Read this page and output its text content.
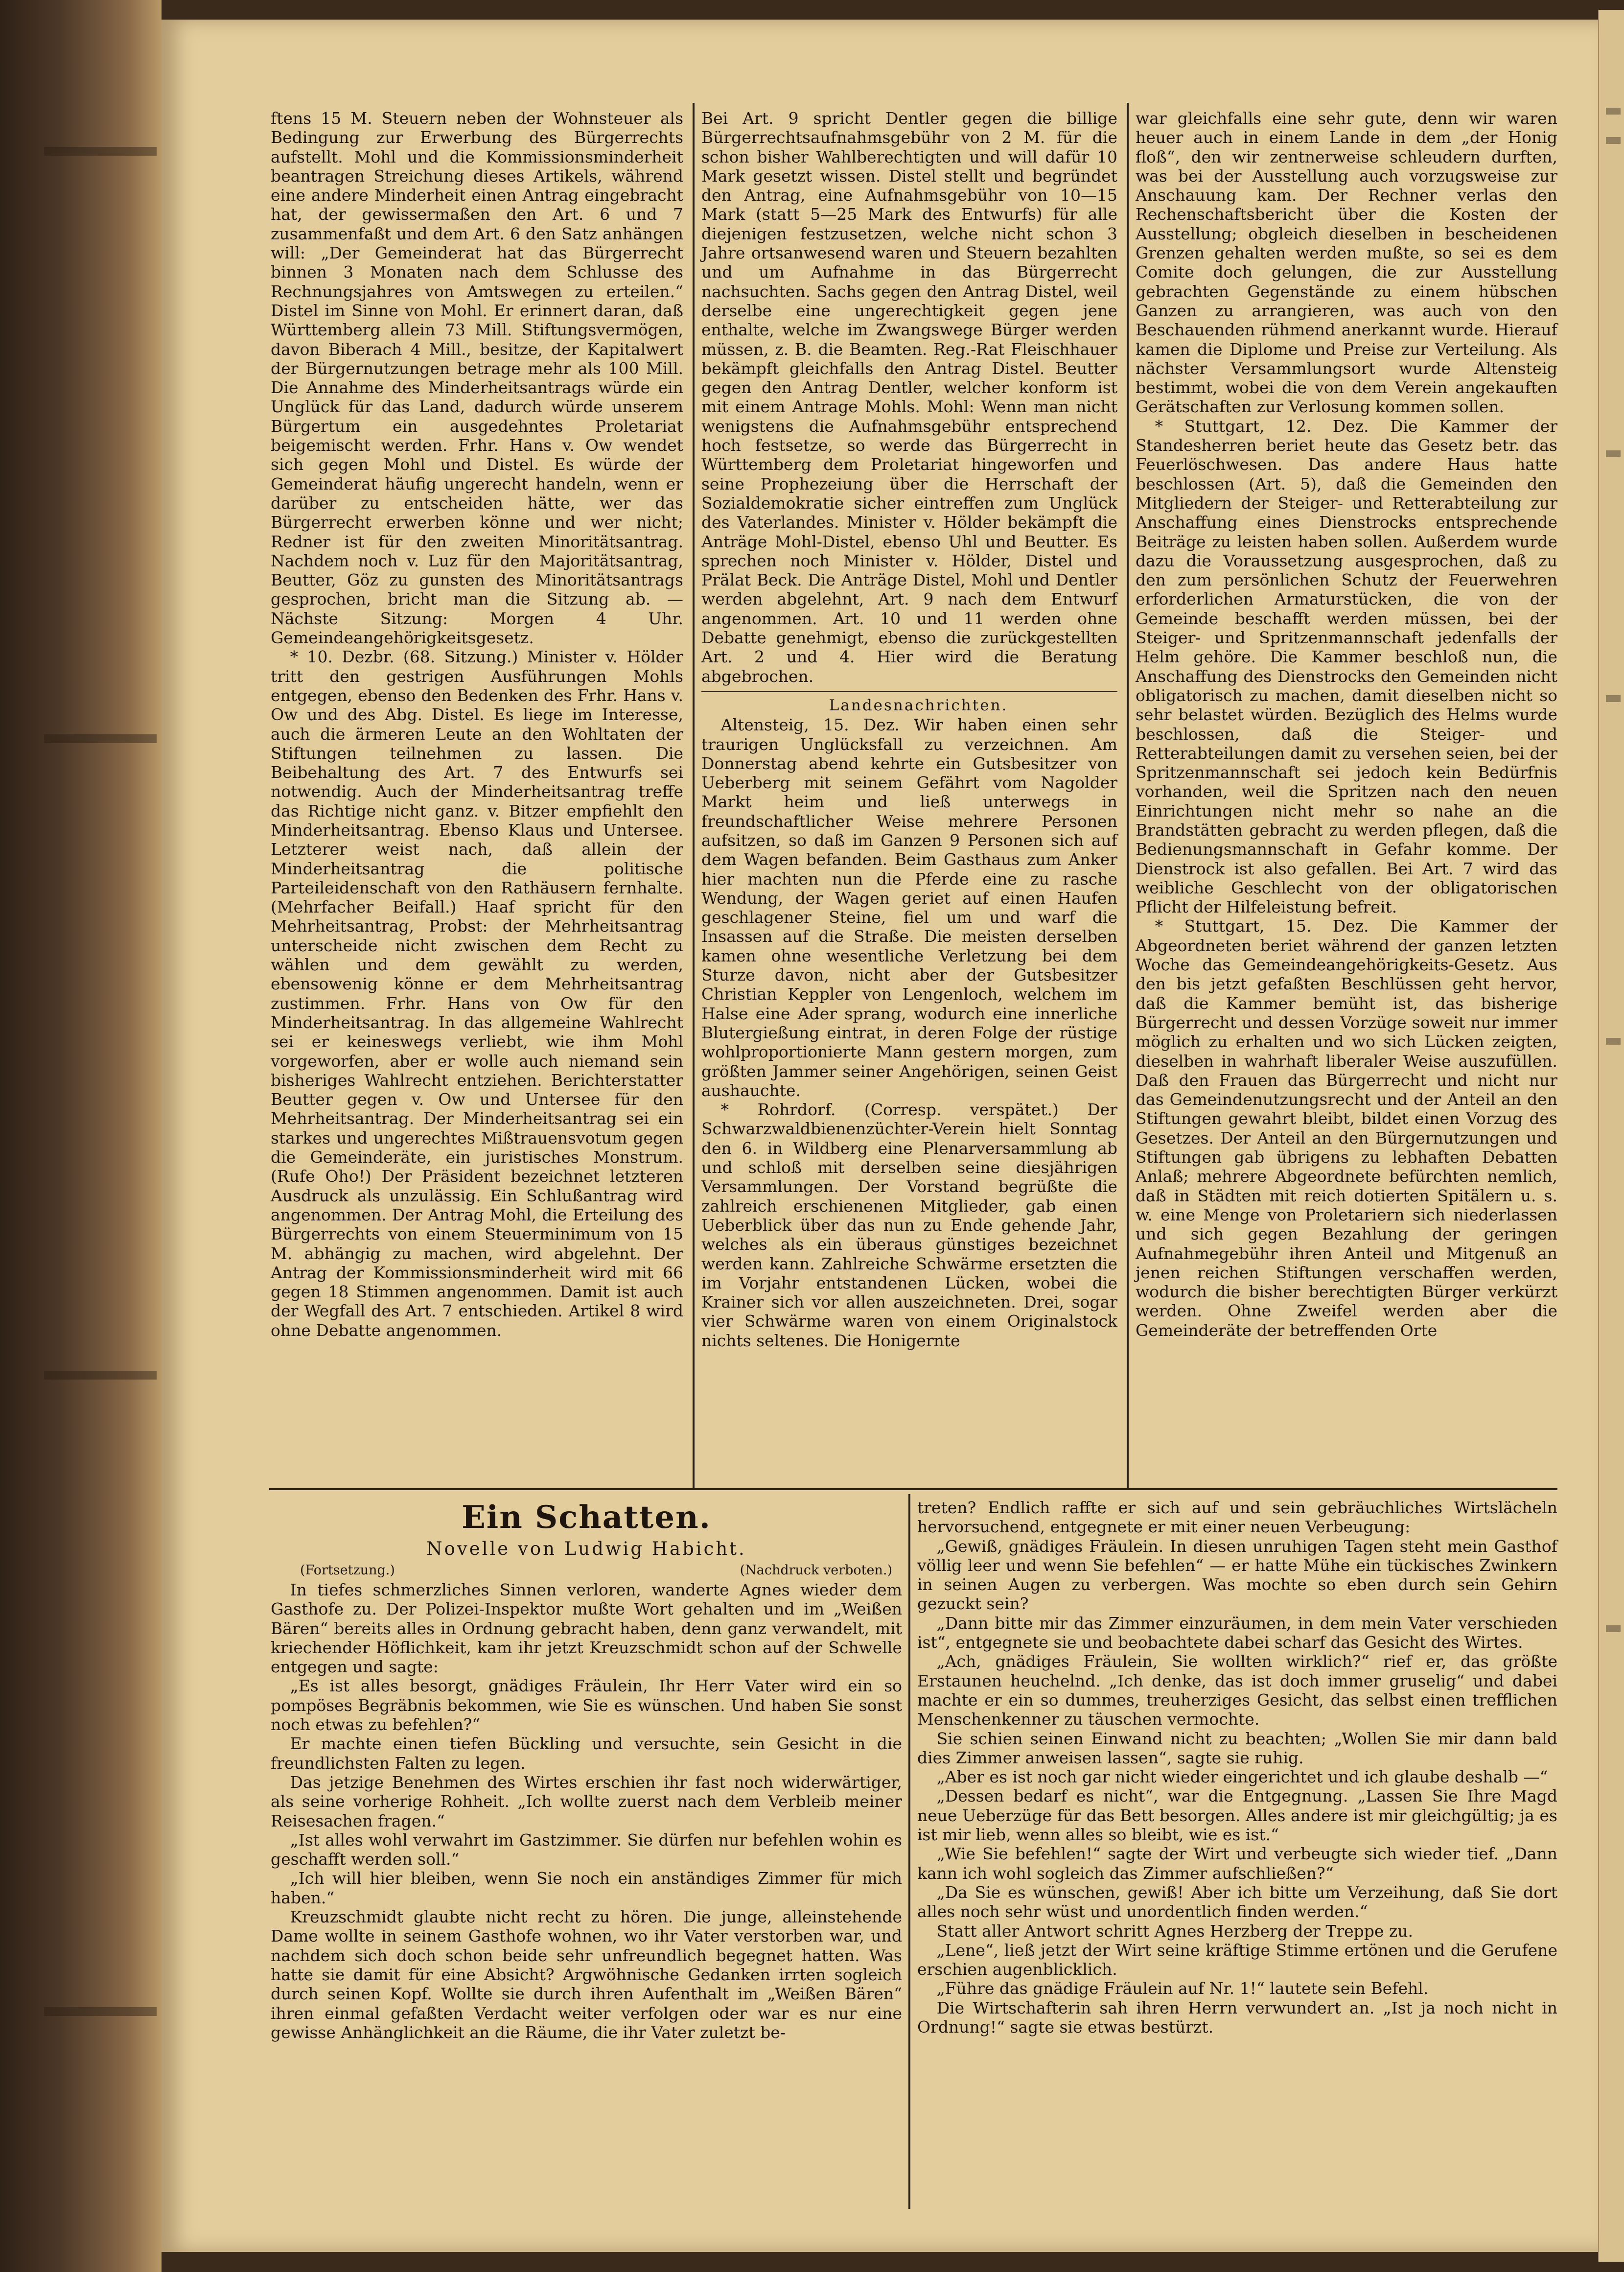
ftens 15 M. Steuern neben der Wohnsteuer als Bedingung zur Erwerbung des Bürgerrechts aufstellt. Mohl und die Kommissionsminderheit beantragen Streichung dieses Artikels, während eine andere Minderheit einen Antrag eingebracht hat, der gewissermaßen den Art. 6 und 7 zusammenfaßt und dem Art. 6 den Satz anhängen will: „Der Gemeinderat hat das Bürgerrecht binnen 3 Monaten nach dem Schlusse des Rechnungsjahres von Amtswegen zu erteilen.“ Distel im Sinne von Mohl. Er erinnert daran, daß Württemberg allein 73 Mill. Stiftungsvermögen, davon Biberach 4 Mill., besitze, der Kapitalwert der Bürgernutzungen betrage mehr als 100 Mill. Die Annahme des Minderheitsantrags würde ein Unglück für das Land, dadurch würde unserem Bürgertum ein ausgedehntes Proletariat beigemischt werden. Frhr. Hans v. Ow wendet sich gegen Mohl und Distel. Es würde der Gemeinderat häufig ungerecht handeln, wenn er darüber zu entscheiden hätte, wer das Bürgerrecht erwerben könne und wer nicht; Redner ist für den zweiten Minoritätsantrag. Nachdem noch v. Luz für den Majoritätsantrag, Beutter, Göz zu gunsten des Minoritätsantrags gesprochen, bricht man die Sitzung ab. — Nächste Sitzung: Morgen 4 Uhr. Gemeindeangehörigkeitsgesetz.

* 10. Dezbr. (68. Sitzung.) Minister v. Hölder tritt den gestrigen Ausführungen Mohls entgegen, ebenso den Bedenken des Frhr. Hans v. Ow und des Abg. Distel. Es liege im Interesse, auch die ärmeren Leute an den Wohltaten der Stiftungen teilnehmen zu lassen. Die Beibehaltung des Art. 7 des Entwurfs sei notwendig. Auch der Minderheitsantrag treffe das Richtige nicht ganz. v. Bitzer empfiehlt den Minderheitsantrag. Ebenso Klaus und Untersee. Letzterer weist nach, daß allein der Minderheitsantrag die politische Parteileidenschaft von den Rathäusern fernhalte. (Mehrfacher Beifall.) Haaf spricht für den Mehrheitsantrag, Probst: der Mehrheitsantrag unterscheide nicht zwischen dem Recht zu wählen und dem gewählt zu werden, ebensowenig könne er dem Mehrheitsantrag zustimmen. Frhr. Hans von Ow für den Minderheitsantrag. In das allgemeine Wahlrecht sei er keineswegs verliebt, wie ihm Mohl vorgeworfen, aber er wolle auch niemand sein bisheriges Wahlrecht entziehen. Berichterstatter Beutter gegen v. Ow und Untersee für den Mehrheitsantrag. Der Minderheitsantrag sei ein starkes und ungerechtes Mißtrauensvotum gegen die Gemeinderäte, ein juristisches Monstrum. (Rufe Oho!) Der Präsident bezeichnet letzteren Ausdruck als unzulässig. Ein Schlußantrag wird angenommen. Der Antrag Mohl, die Erteilung des Bürgerrechts von einem Steuerminimum von 15 M. abhängig zu machen, wird abgelehnt. Der Antrag der Kommissionsminderheit wird mit 66 gegen 18 Stimmen angenommen. Damit ist auch der Wegfall des Art. 7 entschieden. Artikel 8 wird ohne Debatte angenommen.

Bei Art. 9 spricht Dentler gegen die billige Bürgerrechtsaufnahmsgebühr von 2 M. für die schon bisher Wahlberechtigten und will dafür 10 Mark gesetzt wissen. Distel stellt und begründet den Antrag, eine Aufnahmsgebühr von 10—15 Mark (statt 5—25 Mark des Entwurfs) für alle diejenigen festzusetzen, welche nicht schon 3 Jahre ortsanwesend waren und Steuern bezahlten und um Aufnahme in das Bürgerrecht nachsuchten. Sachs gegen den Antrag Distel, weil derselbe eine ungerechtigkeit gegen jene enthalte, welche im Zwangswege Bürger werden müssen, z. B. die Beamten. Reg.-Rat Fleischhauer bekämpft gleichfalls den Antrag Distel. Beutter gegen den Antrag Dentler, welcher konform ist mit einem Antrage Mohls. Mohl: Wenn man nicht wenigstens die Aufnahmsgebühr entsprechend hoch festsetze, so werde das Bürgerrecht in Württemberg dem Proletariat hingeworfen und seine Prophezeiung über die Herrschaft der Sozialdemokratie sicher eintreffen zum Unglück des Vaterlandes. Minister v. Hölder bekämpft die Anträge Mohl-Distel, ebenso Uhl und Beutter. Es sprechen noch Minister v. Hölder, Distel und Prälat Beck. Die Anträge Distel, Mohl und Dentler werden abgelehnt, Art. 9 nach dem Entwurf angenommen. Art. 10 und 11 werden ohne Debatte genehmigt, ebenso die zurückgestellten Art. 2 und 4. Hier wird die Beratung abgebrochen.

Landesnachrichten.

Altensteig, 15. Dez. Wir haben einen sehr traurigen Unglücksfall zu verzeichnen. Am Donnerstag abend kehrte ein Gutsbesitzer von Ueberberg mit seinem Gefährt vom Nagolder Markt heim und ließ unterwegs in freundschaftlicher Weise mehrere Personen aufsitzen, so daß im Ganzen 9 Personen sich auf dem Wagen befanden. Beim Gasthaus zum Anker hier machten nun die Pferde eine zu rasche Wendung, der Wagen geriet auf einen Haufen geschlagener Steine, fiel um und warf die Insassen auf die Straße. Die meisten derselben kamen ohne wesentliche Verletzung bei dem Sturze davon, nicht aber der Gutsbesitzer Christian Keppler von Lengenloch, welchem im Halse eine Ader sprang, wodurch eine innerliche Blutergießung eintrat, in deren Folge der rüstige wohlproportionierte Mann gestern morgen, zum größten Jammer seiner Angehörigen, seinen Geist aushauchte.

* Rohrdorf. (Corresp. verspätet.) Der Schwarzwaldbienenzüchter-Verein hielt Sonntag den 6. in Wildberg eine Plenarversammlung ab und schloß mit derselben seine diesjährigen Versammlungen. Der Vorstand begrüßte die zahlreich erschienenen Mitglieder, gab einen Ueberblick über das nun zu Ende gehende Jahr, welches als ein überaus günstiges bezeichnet werden kann. Zahlreiche Schwärme ersetzten die im Vorjahr entstandenen Lücken, wobei die Krainer sich vor allen auszeichneten. Drei, sogar vier Schwärme waren von einem Originalstock nichts seltenes. Die Honigernte

war gleichfalls eine sehr gute, denn wir waren heuer auch in einem Lande in dem „der Honig floß“, den wir zentnerweise schleudern durften, was bei der Ausstellung auch vorzugsweise zur Anschauung kam. Der Rechner verlas den Rechenschaftsbericht über die Kosten der Ausstellung; obgleich dieselben in bescheidenen Grenzen gehalten werden mußte, so sei es dem Comite doch gelungen, die zur Ausstellung gebrachten Gegenstände zu einem hübschen Ganzen zu arrangieren, was auch von den Beschauenden rühmend anerkannt wurde. Hierauf kamen die Diplome und Preise zur Verteilung. Als nächster Versammlungsort wurde Altensteig bestimmt, wobei die von dem Verein angekauften Gerätschaften zur Verlosung kommen sollen.

* Stuttgart, 12. Dez. Die Kammer der Standesherren beriet heute das Gesetz betr. das Feuerlöschwesen. Das andere Haus hatte beschlossen (Art. 5), daß die Gemeinden den Mitgliedern der Steiger- und Retterabteilung zur Anschaffung eines Dienstrocks entsprechende Beiträge zu leisten haben sollen. Außerdem wurde dazu die Voraussetzung ausgesprochen, daß zu den zum persönlichen Schutz der Feuerwehren erforderlichen Armaturstücken, die von der Gemeinde beschafft werden müssen, bei der Steiger- und Spritzenmannschaft jedenfalls der Helm gehöre. Die Kammer beschloß nun, die Anschaffung des Dienstrocks den Gemeinden nicht obligatorisch zu machen, damit dieselben nicht so sehr belastet würden. Bezüglich des Helms wurde beschlossen, daß die Steiger- und Retterabteilungen damit zu versehen seien, bei der Spritzenmannschaft sei jedoch kein Bedürfnis vorhanden, weil die Spritzen nach den neuen Einrichtungen nicht mehr so nahe an die Brandstätten gebracht zu werden pflegen, daß die Bedienungsmannschaft in Gefahr komme. Der Dienstrock ist also gefallen. Bei Art. 7 wird das weibliche Geschlecht von der obligatorischen Pflicht der Hilfeleistung befreit.

* Stuttgart, 15. Dez. Die Kammer der Abgeordneten beriet während der ganzen letzten Woche das Gemeindeangehörigkeits-Gesetz. Aus den bis jetzt gefaßten Beschlüssen geht hervor, daß die Kammer bemüht ist, das bisherige Bürgerrecht und dessen Vorzüge soweit nur immer möglich zu erhalten und wo sich Lücken zeigten, dieselben in wahrhaft liberaler Weise auszufüllen. Daß den Frauen das Bürgerrecht und nicht nur das Gemeindenutzungsrecht und der Anteil an den Stiftungen gewahrt bleibt, bildet einen Vorzug des Gesetzes. Der Anteil an den Bürgernutzungen und Stiftungen gab übrigens zu lebhaften Debatten Anlaß; mehrere Abgeordnete befürchten nemlich, daß in Städten mit reich dotierten Spitälern u. s. w. eine Menge von Proletariern sich niederlassen und sich gegen Bezahlung der geringen Aufnahmegebühr ihren Anteil und Mitgenuß an jenen reichen Stiftungen verschaffen werden, wodurch die bisher berechtigten Bürger verkürzt werden. Ohne Zweifel werden aber die Gemeinderäte der betreffenden Orte

Ein Schatten.
Novelle von Ludwig Habicht.
(Fortsetzung.)	(Nachdruck verboten.)

In tiefes schmerzliches Sinnen verloren, wanderte Agnes wieder dem Gasthofe zu. Der Polizei-Inspektor mußte Wort gehalten und im „Weißen Bären“ bereits alles in Ordnung gebracht haben, denn ganz verwandelt, mit kriechender Höflichkeit, kam ihr jetzt Kreuzschmidt schon auf der Schwelle entgegen und sagte:

„Es ist alles besorgt, gnädiges Fräulein, Ihr Herr Vater wird ein so pompöses Begräbnis bekommen, wie Sie es wünschen. Und haben Sie sonst noch etwas zu befehlen?“

Er machte einen tiefen Bückling und versuchte, sein Gesicht in die freundlichsten Falten zu legen.

Das jetzige Benehmen des Wirtes erschien ihr fast noch widerwärtiger, als seine vorherige Rohheit. „Ich wollte zuerst nach dem Verbleib meiner Reisesachen fragen.“

„Ist alles wohl verwahrt im Gastzimmer. Sie dürfen nur befehlen wohin es geschafft werden soll.“

„Ich will hier bleiben, wenn Sie noch ein anständiges Zimmer für mich haben.“

Kreuzschmidt glaubte nicht recht zu hören. Die junge, alleinstehende Dame wollte in seinem Gasthofe wohnen, wo ihr Vater verstorben war, und nachdem sich doch schon beide sehr unfreundlich begegnet hatten. Was hatte sie damit für eine Absicht? Argwöhnische Gedanken irrten sogleich durch seinen Kopf. Wollte sie durch ihren Aufenthalt im „Weißen Bären“ ihren einmal gefaßten Verdacht weiter verfolgen oder war es nur eine gewisse Anhänglichkeit an die Räume, die ihr Vater zuletzt be-

treten? Endlich raffte er sich auf und sein gebräuchliches Wirtslächeln hervorsuchend, entgegnete er mit einer neuen Verbeugung:

„Gewiß, gnädiges Fräulein. In diesen unruhigen Tagen steht mein Gasthof völlig leer und wenn Sie befehlen“ — er hatte Mühe ein tückisches Zwinkern in seinen Augen zu verbergen. Was mochte so eben durch sein Gehirn gezuckt sein?

„Dann bitte mir das Zimmer einzuräumen, in dem mein Vater verschieden ist“, entgegnete sie und beobachtete dabei scharf das Gesicht des Wirtes.

„Ach, gnädiges Fräulein, Sie wollten wirklich?“ rief er, das größte Erstaunen heuchelnd. „Ich denke, das ist doch immer gruselig“ und dabei machte er ein so dummes, treuherziges Gesicht, das selbst einen trefflichen Menschenkenner zu täuschen vermochte.

Sie schien seinen Einwand nicht zu beachten; „Wollen Sie mir dann bald dies Zimmer anweisen lassen“, sagte sie ruhig.

„Aber es ist noch gar nicht wieder eingerichtet und ich glaube deshalb —“

„Dessen bedarf es nicht“, war die Entgegnung. „Lassen Sie Ihre Magd neue Ueberzüge für das Bett besorgen. Alles andere ist mir gleichgültig; ja es ist mir lieb, wenn alles so bleibt, wie es ist.“

„Wie Sie befehlen!“ sagte der Wirt und verbeugte sich wieder tief. „Dann kann ich wohl sogleich das Zimmer aufschließen?“

„Da Sie es wünschen, gewiß! Aber ich bitte um Verzeihung, daß Sie dort alles noch sehr wüst und unordentlich finden werden.“

Statt aller Antwort schritt Agnes Herzberg der Treppe zu.

„Lene“, ließ jetzt der Wirt seine kräftige Stimme ertönen und die Gerufene erschien augenblicklich.

„Führe das gnädige Fräulein auf Nr. 1!“ lautete sein Befehl.

Die Wirtschafterin sah ihren Herrn verwundert an. „Ist ja noch nicht in Ordnung!“ sagte sie etwas bestürzt.
